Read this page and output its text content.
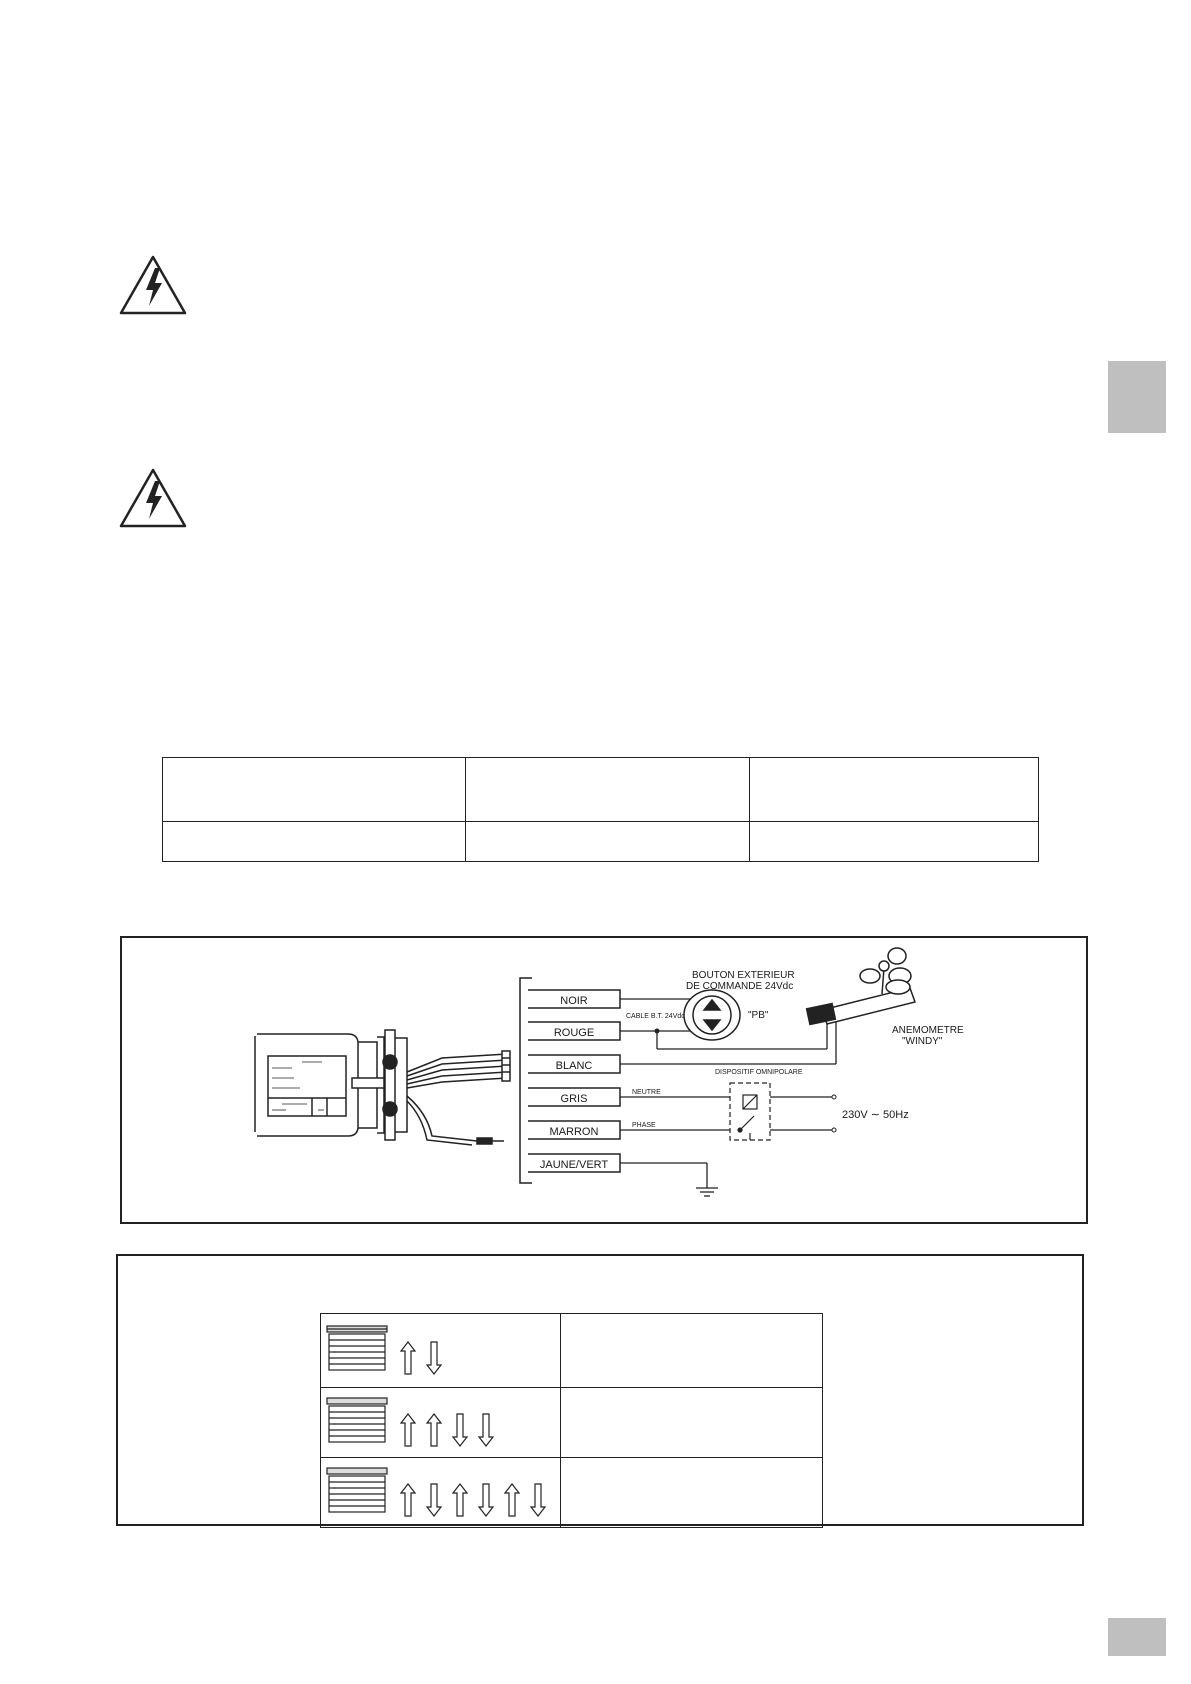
NOIR
ROUGE
BLANC
GRIS
MARRON
JAUNE/VERT
BOUTON EXTERIEUR
DE COMMANDE 24Vdc
CABLE B.T. 24Vdc	"PB"
ANEMOMETRE
"WINDY"
DISPOSITIF OMNIPOLARE
NEUTRE
PHASE
230V ∼ 50Hz
